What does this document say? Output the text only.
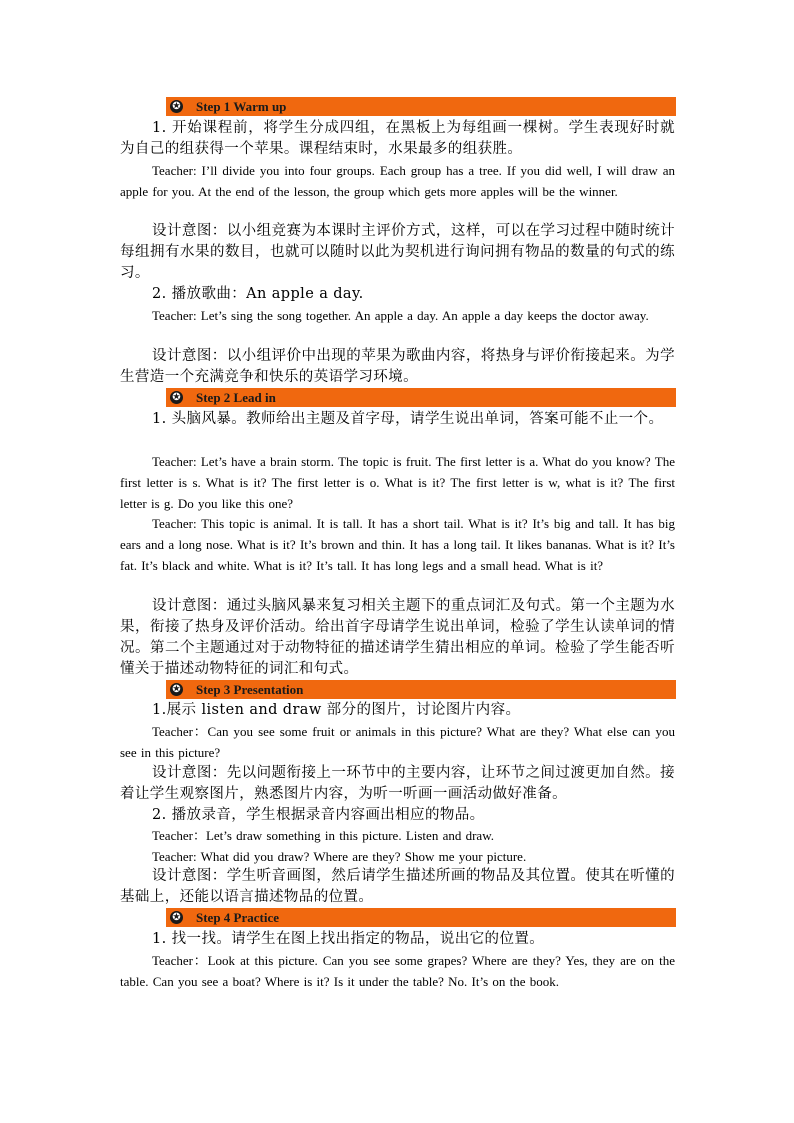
✪ Step 1 Warm up
1. 开始课程前，将学生分成四组，在黑板上为每组画一棵树。学生表现好时就为自己的组获得一个苹果。课程结束时，水果最多的组获胜。
Teacher: I’ll divide you into four groups. Each group has a tree. If you did well, I will draw an apple for you. At the end of the lesson, the group which gets more apples will be the winner.
设计意图：以小组竞赛为本课时主评价方式，这样，可以在学习过程中随时统计每组拥有水果的数目，也就可以随时以此为契机进行询问拥有物品的数量的句式的练习。
2. 播放歌曲：An apple a day.
Teacher: Let’s sing the song together. An apple a day. An apple a day keeps the doctor away.
设计意图：以小组评价中出现的苹果为歌曲内容，将热身与评价衔接起来。为学生营造一个充满竞争和快乐的英语学习环境。
✪ Step 2 Lead in
1. 头脑风暴。教师给出主题及首字母，请学生说出单词，答案可能不止一个。
Teacher: Let’s have a brain storm. The topic is fruit. The first letter is a. What do you know? The first letter is s. What is it? The first letter is o. What is it? The first letter is w, what is it? The first letter is g. Do you like this one?
Teacher: This topic is animal. It is tall. It has a short tail. What is it? It’s big and tall. It has big ears and a long nose. What is it? It’s brown and thin. It has a long tail. It likes bananas. What is it? It’s fat. It’s black and white. What is it? It’s tall. It has long legs and a small head. What is it?
设计意图：通过头脑风暴来复习相关主题下的重点词汇及句式。第一个主题为水果，衔接了热身及评价活动。给出首字母请学生说出单词，检验了学生认读单词的情况。第二个主题通过对于动物特征的描述请学生猜出相应的单词。检验了学生能否听懂关于描述动物特征的词汇和句式。
✪ Step 3 Presentation
1.展示 listen and draw 部分的图片，讨论图片内容。
Teacher：Can you see some fruit or animals in this picture? What are they? What else can you see in this picture?
设计意图：先以问题衔接上一环节中的主要内容，让环节之间过渡更加自然。接着让学生观察图片，熟悉图片内容，为听一听画一画活动做好准备。
2. 播放录音，学生根据录音内容画出相应的物品。
Teacher：Let’s draw something in this picture. Listen and draw.
Teacher: What did you draw? Where are they? Show me your picture.
设计意图：学生听音画图，然后请学生描述所画的物品及其位置。使其在听懂的基础上，还能以语言描述物品的位置。
✪ Step 4 Practice
1. 找一找。请学生在图上找出指定的物品，说出它的位置。
Teacher：Look at this picture. Can you see some grapes? Where are they? Yes, they are on the table. Can you see a boat? Where is it? Is it under the table? No. It’s on the book.
